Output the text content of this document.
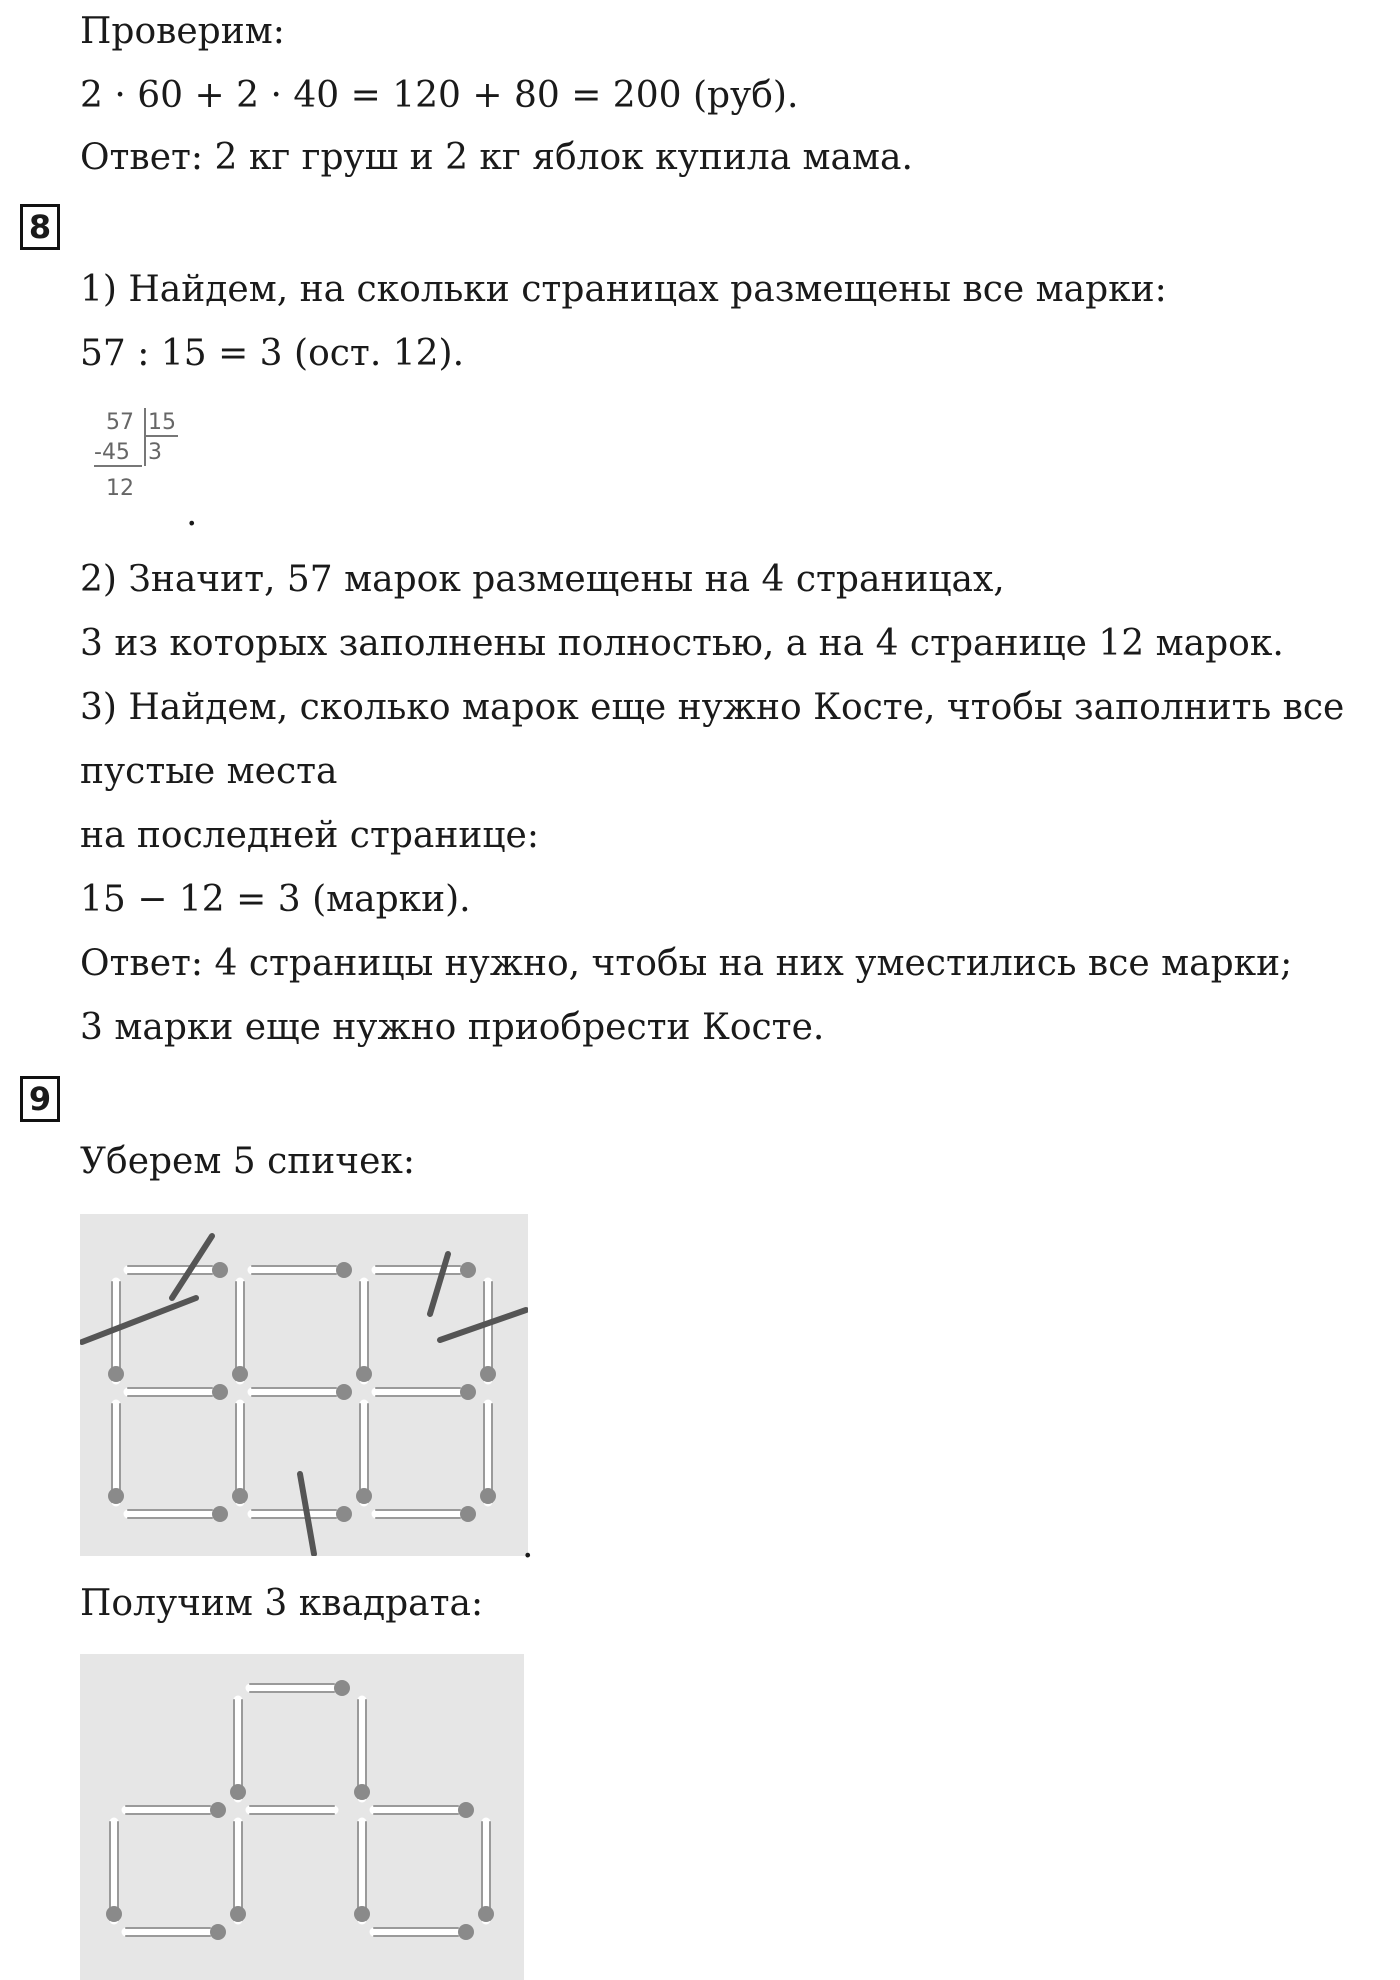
Проверим:
2 · 60 + 2 · 40 = 120 + 80 = 200 (руб).
Ответ: 2 кг груш и 2 кг яблок купила мама.
8
1) Найдем, на скольки страницах размещены все марки:
57 : 15 = 3 (ост. 12).
57 15
-45 3
12
.
2) Значит, 57 марок размещены на 4 страницах,
3 из которых заполнены полностью, а на 4 странице 12 марок.
3) Найдем, сколько марок еще нужно Косте, чтобы заполнить все
пустые места
на последней странице:
15 − 12 = 3 (марки).
Ответ: 4 страницы нужно, чтобы на них уместились все марки;
3 марки еще нужно приобрести Косте.
9
Уберем 5 спичек:
.
Получим 3 квадрата:
